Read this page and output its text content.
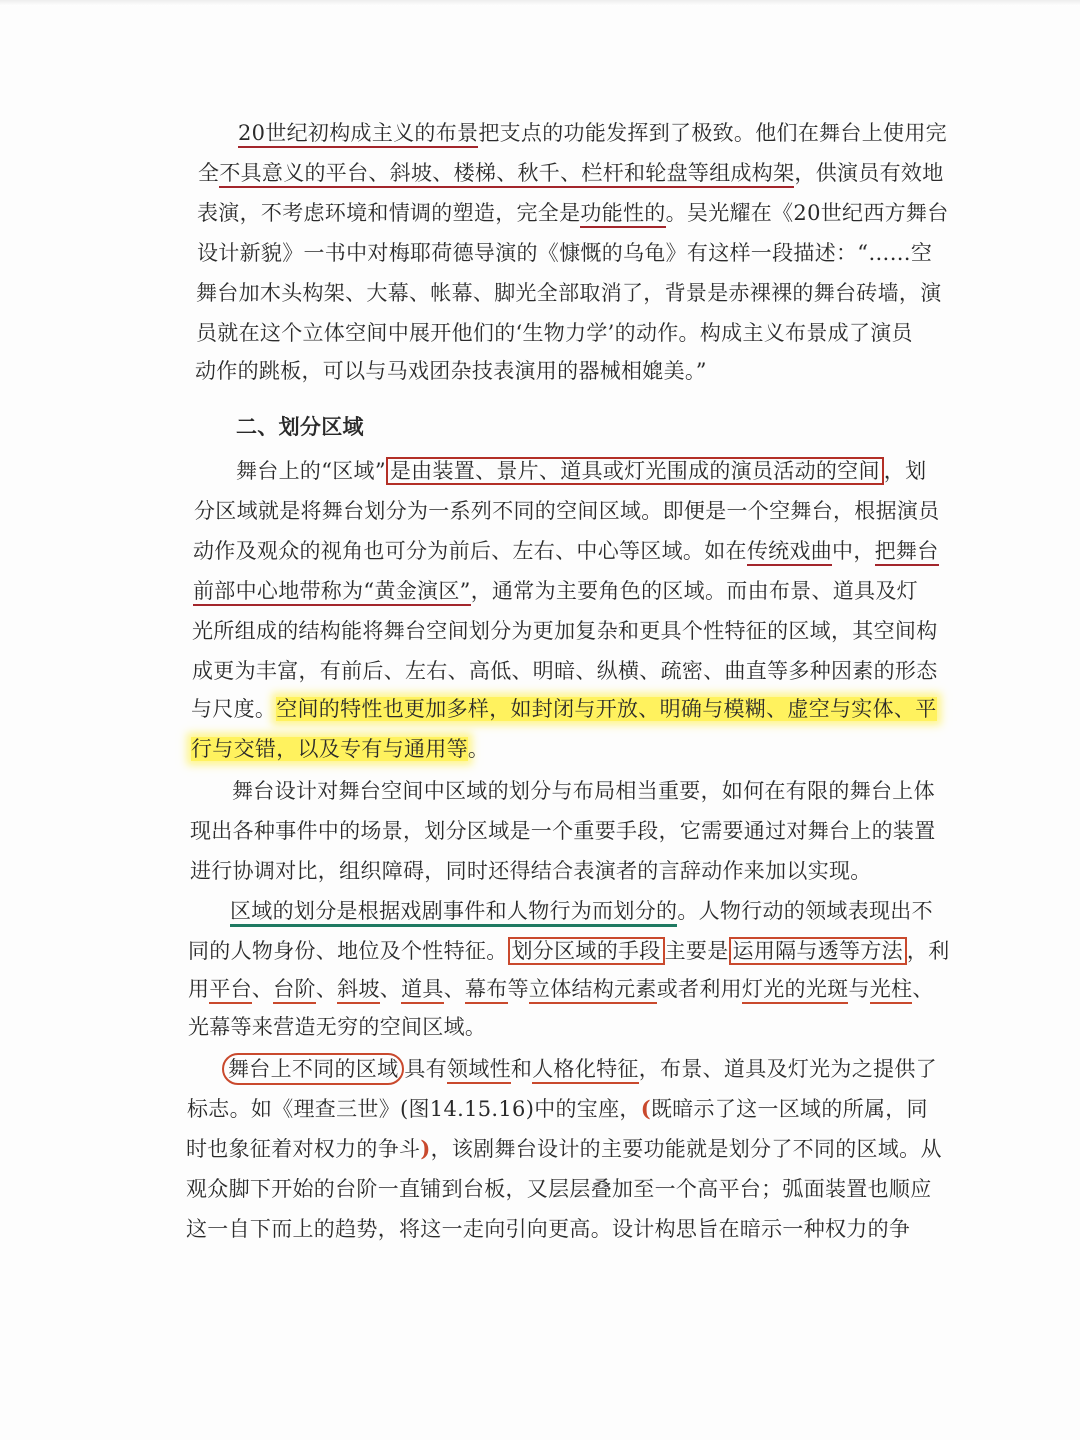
20世纪初构成主义的布景把支点的功能发挥到了极致。他们在舞台上使用完
全不具意义的平台、斜坡、楼梯、秋千、栏杆和轮盘等组成构架，供演员有效地
表演，不考虑环境和情调的塑造，完全是功能性的。吴光耀在《20世纪西方舞台
设计新貌》一书中对梅耶荷德导演的《慷慨的乌龟》有这样一段描述：“……空
舞台加木头构架、大幕、帐幕、脚光全部取消了，背景是赤裸裸的舞台砖墙，演
员就在这个立体空间中展开他们的‘生物力学’的动作。构成主义布景成了演员
动作的跳板，可以与马戏团杂技表演用的器械相媲美。”
二、划分区域
舞台上的“区域” 是由装置、景片、道具或灯光围成的演员活动的空间 ，划
分区域就是将舞台划分为一系列不同的空间区域。即便是一个空舞台，根据演员
动作及观众的视角也可分为前后、左右、中心等区域。如在传统戏曲中，把舞台
前部中心地带称为“黄金演区”，通常为主要角色的区域。而由布景、道具及灯
光所组成的结构能将舞台空间划分为更加复杂和更具个性特征的区域，其空间构
成更为丰富，有前后、左右、高低、明暗、纵横、疏密、曲直等多种因素的形态
与尺度。空间的特性也更加多样，如封闭与开放、明确与模糊、虚空与实体、平
行与交错，以及专有与通用等。
舞台设计对舞台空间中区域的划分与布局相当重要，如何在有限的舞台上体
现出各种事件中的场景，划分区域是一个重要手段，它需要通过对舞台上的装置
进行协调对比，组织障碍，同时还得结合表演者的言辞动作来加以实现。
区域的划分是根据戏剧事件和人物行为而划分的。人物行动的领域表现出不
同的人物身份、地位及个性特征。 划分区域的手段 主要是 运用隔与透等方法 ，利
用平台、台阶、斜坡、道具、幕布等立体结构元素或者利用灯光的光斑与光柱、
光幕等来营造无穷的空间区域。
舞台上不同的区域 具有领域性和人格化特征，布景、道具及灯光为之提供了
标志。如《理查三世》(图14.15.16)中的宝座，(既暗示了这一区域的所属，同
时也象征着对权力的争斗)，该剧舞台设计的主要功能就是划分了不同的区域。从
观众脚下开始的台阶一直铺到台板，又层层叠加至一个高平台；弧面装置也顺应
这一自下而上的趋势，将这一走向引向更高。设计构思旨在暗示一种权力的争
